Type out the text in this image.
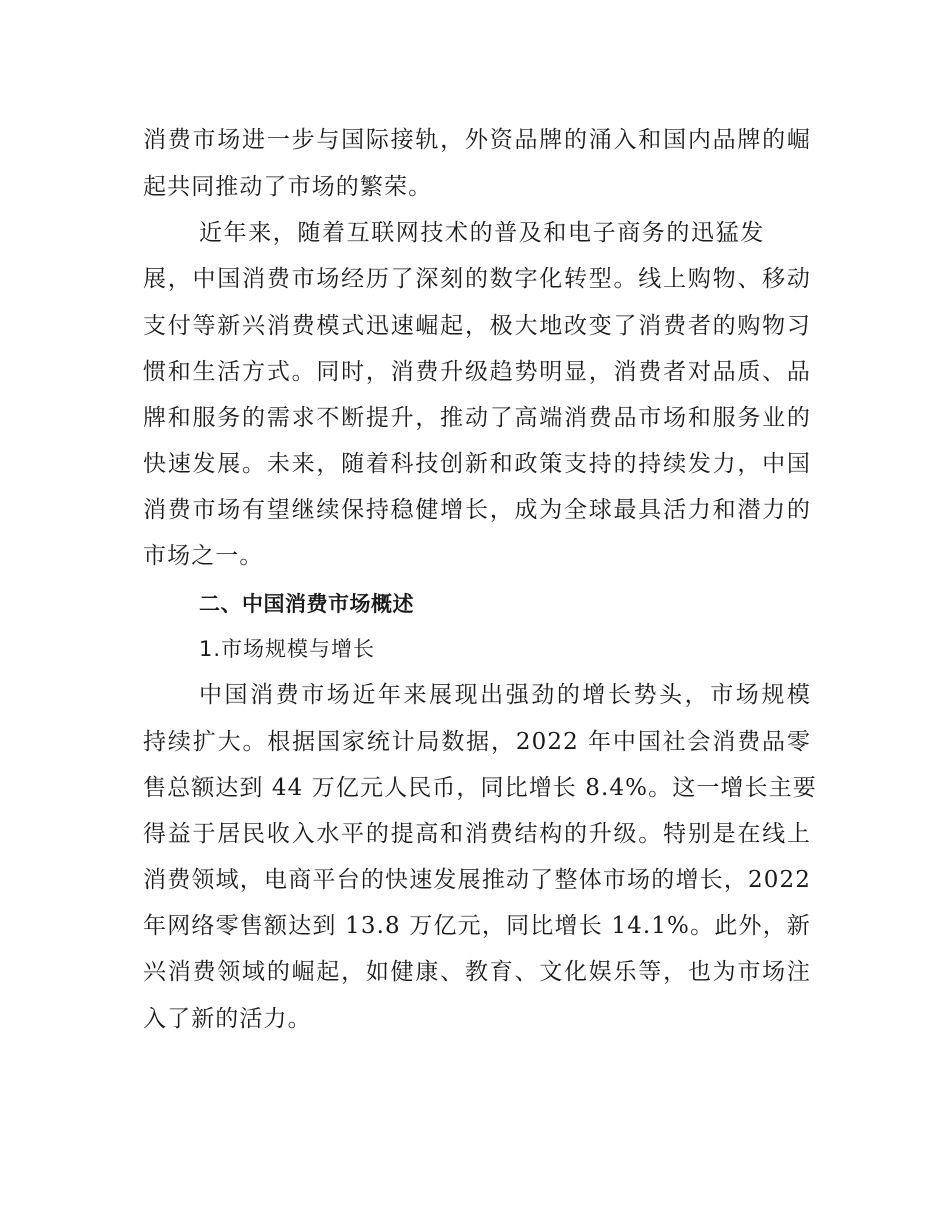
消费市场进一步与国际接轨，外资品牌的涌入和国内品牌的崛
起共同推动了市场的繁荣。
近年来，随着互联网技术的普及和电子商务的迅猛发
展，中国消费市场经历了深刻的数字化转型。线上购物、移动
支付等新兴消费模式迅速崛起，极大地改变了消费者的购物习
惯和生活方式。同时，消费升级趋势明显，消费者对品质、品
牌和服务的需求不断提升，推动了高端消费品市场和服务业的
快速发展。未来，随着科技创新和政策支持的持续发力，中国
消费市场有望继续保持稳健增长，成为全球最具活力和潜力的
市场之一。
二、中国消费市场概述
1.市场规模与增长
中国消费市场近年来展现出强劲的增长势头，市场规模
持续扩大。根据国家统计局数据，2022 年中国社会消费品零
售总额达到 44 万亿元人民币，同比增长 8.4%。这一增长主要
得益于居民收入水平的提高和消费结构的升级。特别是在线上
消费领域，电商平台的快速发展推动了整体市场的增长，2022
年网络零售额达到 13.8 万亿元，同比增长 14.1%。此外，新
兴消费领域的崛起，如健康、教育、文化娱乐等，也为市场注
入了新的活力。
